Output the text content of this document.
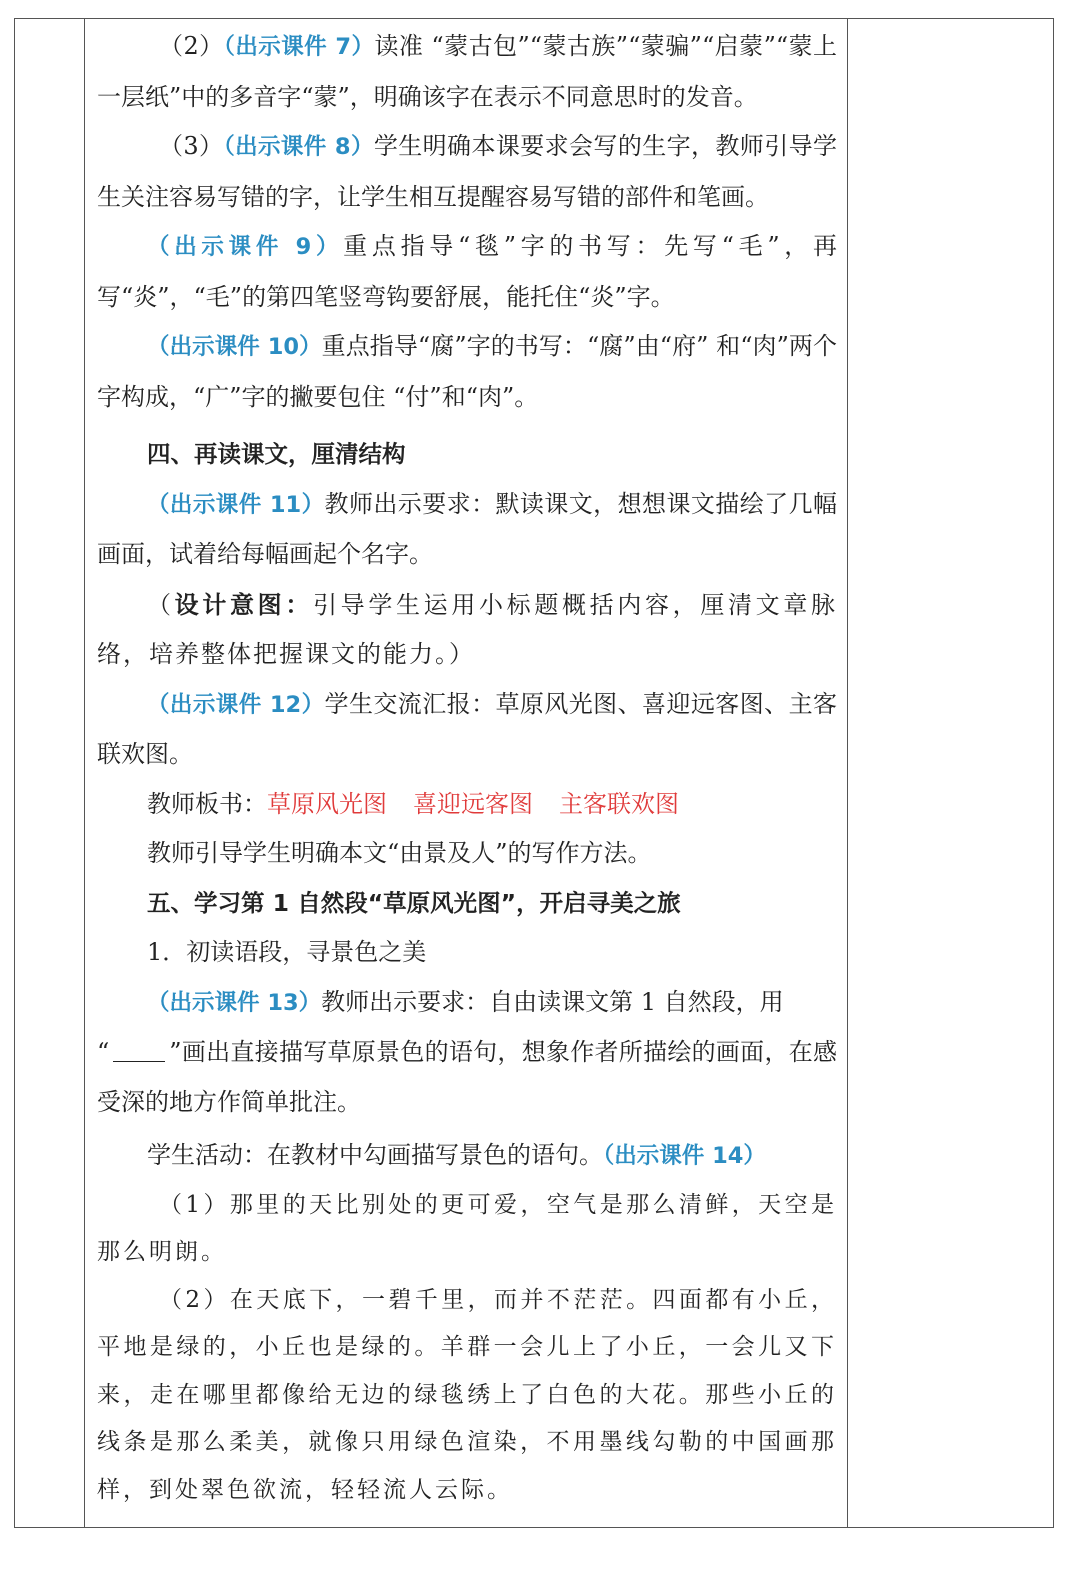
（2）（出示课件 7）读准 “蒙古包”“蒙古族”“蒙骗”“启蒙”“蒙上一层纸”中的多音字“蒙”，明确该字在表示不同意思时的发音。

（3）（出示课件 8）学生明确本课要求会写的生字，教师引导学生关注容易写错的字，让学生相互提醒容易写错的部件和笔画。

（出示课件 9）重点指导“毯”字的书写：先写“毛”，再写“炎”，“毛”的第四笔竖弯钩要舒展，能托住“炎”字。

（出示课件 10）重点指导“腐”字的书写：“腐”由“府” 和“肉”两个字构成，“广”字的撇要包住 “付”和“肉”。

四、再读课文，厘清结构

（出示课件 11）教师出示要求：默读课文，想想课文描绘了几幅画面，试着给每幅画起个名字。

（设计意图：引导学生运用小标题概括内容，厘清文章脉络，培养整体把握课文的能力。）

（出示课件 12）学生交流汇报：草原风光图、喜迎远客图、主客联欢图。

教师板书：草原风光图 喜迎远客图 主客联欢图

教师引导学生明确本文“由景及人”的写作方法。

五、学习第 1 自然段“草原风光图”，开启寻美之旅

1．初读语段，寻景色之美

（出示课件 13）教师出示要求：自由读课文第 1 自然段，用
“	”画出直接描写草原景色的语句，想象作者所描绘的画面，在感受深的地方作简单批注。

学生活动：在教材中勾画描写景色的语句。（出示课件 14）

（1）那里的天比别处的更可爱，空气是那么清鲜，天空是那么明朗。

（2）在天底下，一碧千里，而并不茫茫。四面都有小丘，平地是绿的，小丘也是绿的。羊群一会儿上了小丘，一会儿又下来，走在哪里都像给无边的绿毯绣上了白色的大花。那些小丘的线条是那么柔美，就像只用绿色渲染，不用墨线勾勒的中国画那样，到处翠色欲流，轻轻流人云际。
